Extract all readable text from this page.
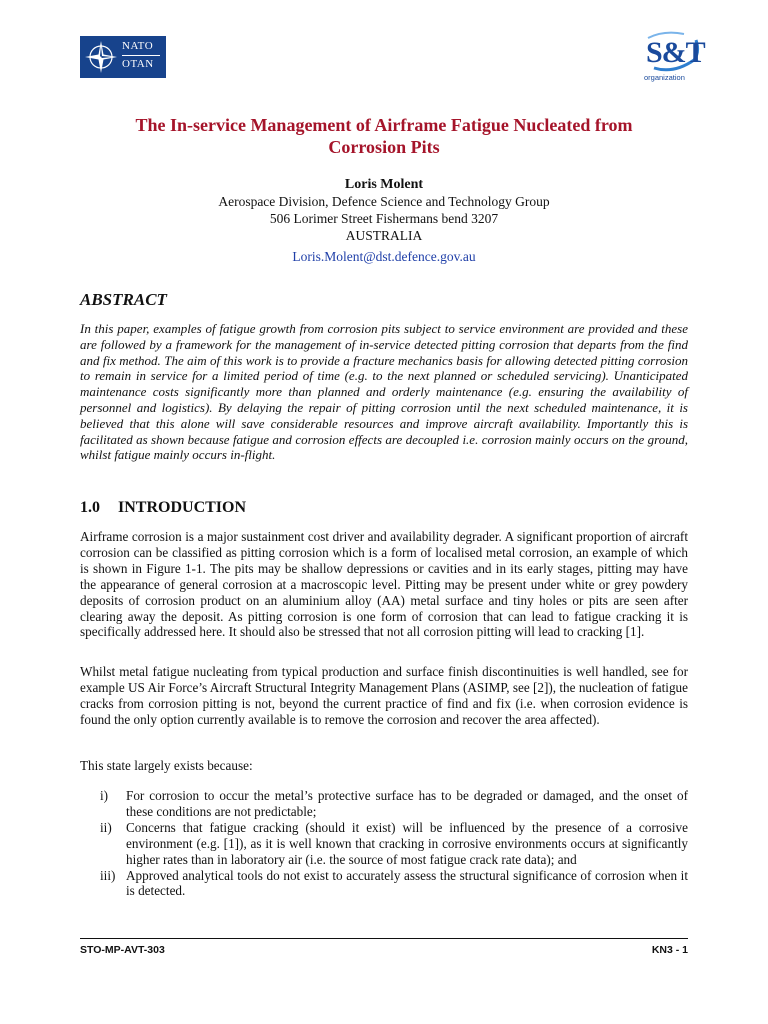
NATO
OTAN	S&T
organization
The In-service Management of Airframe Fatigue Nucleated from
Corrosion Pits
Loris Molent
Aerospace Division, Defence Science and Technology Group
506 Lorimer Street Fishermans bend 3207
AUSTRALIA
Loris.Molent@dst.defence.gov.au
ABSTRACT
In this paper, examples of fatigue growth from corrosion pits subject to service environment are provided and these are followed by a framework for the management of in-service detected pitting corrosion that departs from the find and fix method. The aim of this work is to provide a fracture mechanics basis for allowing detected pitting corrosion to remain in service for a limited period of time (e.g. to the next planned or scheduled servicing). Unanticipated maintenance costs significantly more than planned and orderly maintenance (e.g. ensuring the availability of personnel and logistics). By delaying the repair of pitting corrosion until the next scheduled maintenance, it is believed that this alone will save considerable resources and improve aircraft availability. Importantly this is facilitated as shown because fatigue and corrosion effects are decoupled i.e. corrosion mainly occurs on the ground, whilst fatigue mainly occurs in-flight.
1.0 INTRODUCTION
Airframe corrosion is a major sustainment cost driver and availability degrader. A significant proportion of aircraft corrosion can be classified as pitting corrosion which is a form of localised metal corrosion, an example of which is shown in Figure 1-1. The pits may be shallow depressions or cavities and in its early stages, pitting may have the appearance of general corrosion at a macroscopic level. Pitting may be present under white or grey powdery deposits of corrosion product on an aluminium alloy (AA) metal surface and tiny holes or pits are seen after clearing away the deposit. As pitting corrosion is one form of corrosion that can lead to fatigue cracking it is specifically addressed here. It should also be stressed that not all corrosion pitting will lead to cracking [1].
Whilst metal fatigue nucleating from typical production and surface finish discontinuities is well handled, see for example US Air Force’s Aircraft Structural Integrity Management Plans (ASIMP, see [2]), the nucleation of fatigue cracks from corrosion pitting is not, beyond the current practice of find and fix (i.e. when corrosion evidence is found the only option currently available is to remove the corrosion and recover the area affected).
This state largely exists because:
i)	For corrosion to occur the metal’s protective surface has to be degraded or damaged, and the onset of these conditions are not predictable;
ii)	Concerns that fatigue cracking (should it exist) will be influenced by the presence of a corrosive environment (e.g. [1]), as it is well known that cracking in corrosive environments occurs at significantly higher rates than in laboratory air (i.e. the source of most fatigue crack rate data); and
iii) Approved analytical tools do not exist to accurately assess the structural significance of corrosion when it is detected.
STO-MP-AVT-303	KN3 - 1
